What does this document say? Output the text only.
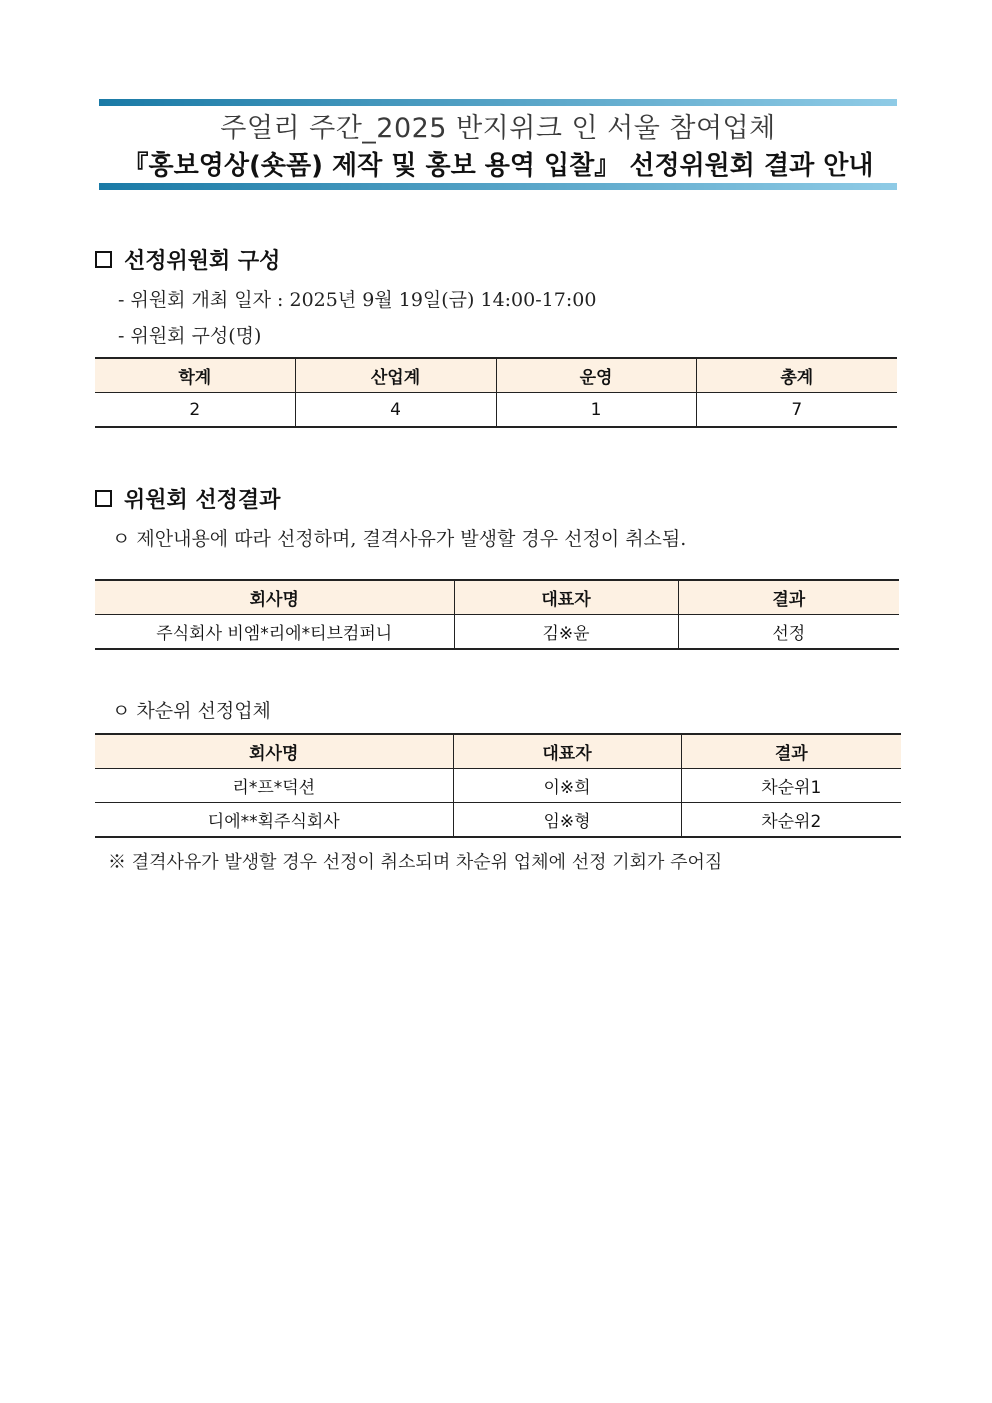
주얼리 주간_2025 반지위크 인 서울 참여업체
『홍보영상(숏폼) 제작 및 홍보 용역 입찰』 선정위원회 결과 안내
선정위원회 구성
- 위원회 개최 일자 : 2025년 9월 19일(금) 14:00-17:00
- 위원회 구성(명)
학계	산업계	운영	총계
2	4	1	7
위원회 선정결과
ㅇ 제안내용에 따라 선정하며, 결격사유가 발생할 경우 선정이 취소됨.
회사명	대표자	결과
주식회사 비엠*리에*티브컴퍼니	김※윤	선정
ㅇ 차순위 선정업체
회사명	대표자	결과
리*프*덕션	이※희	차순위1
디에**획주식회사	임※형	차순위2
※ 결격사유가 발생할 경우 선정이 취소되며 차순위 업체에 선정 기회가 주어짐
